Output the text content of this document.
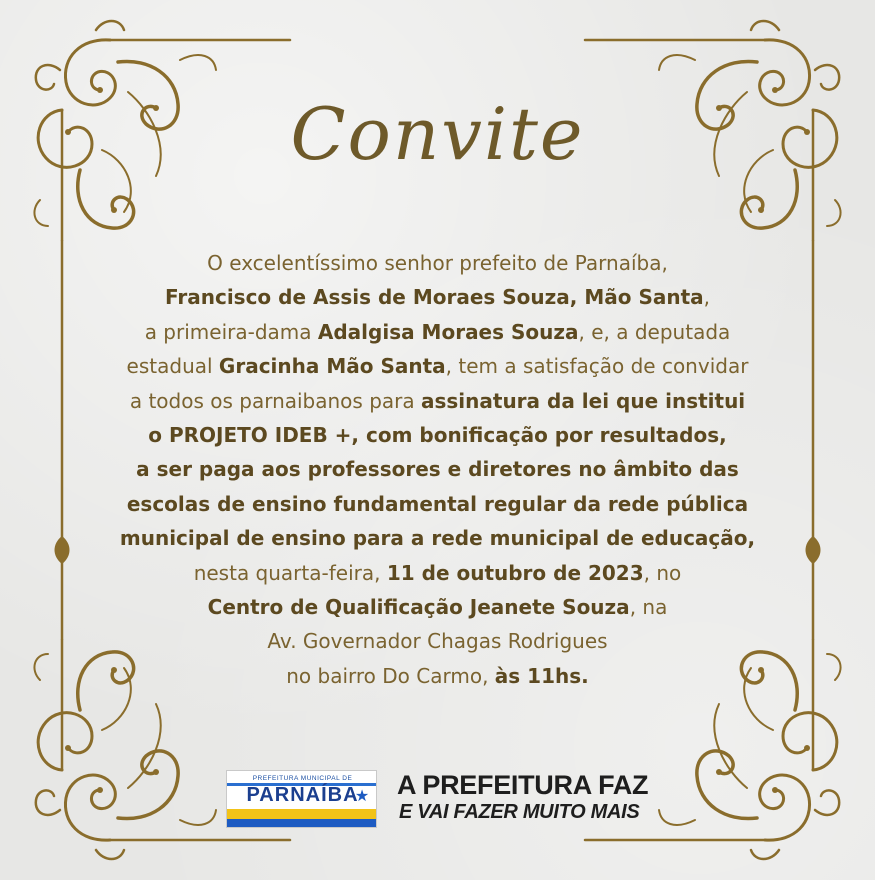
Convite
O excelentíssimo senhor prefeito de Parnaíba,
Francisco de Assis de Moraes Souza, Mão Santa,
a primeira-dama Adalgisa Moraes Souza, e, a deputada
estadual Gracinha Mão Santa, tem a satisfação de convidar
a todos os parnaibanos para assinatura da lei que institui
o PROJETO IDEB +, com bonificação por resultados,
a ser paga aos professores e diretores no âmbito das
escolas de ensino fundamental regular da rede pública
municipal de ensino para a rede municipal de educação,
nesta quarta-feira, 11 de outubro de 2023, no
Centro de Qualificação Jeanete Souza, na
Av. Governador Chagas Rodrigues
no bairro Do Carmo, às 11hs.
PREFEITURA MUNICIPAL DE
PARNAÍBA
★ A PREFEITURA FAZ
E VAI FAZER MUITO MAIS
